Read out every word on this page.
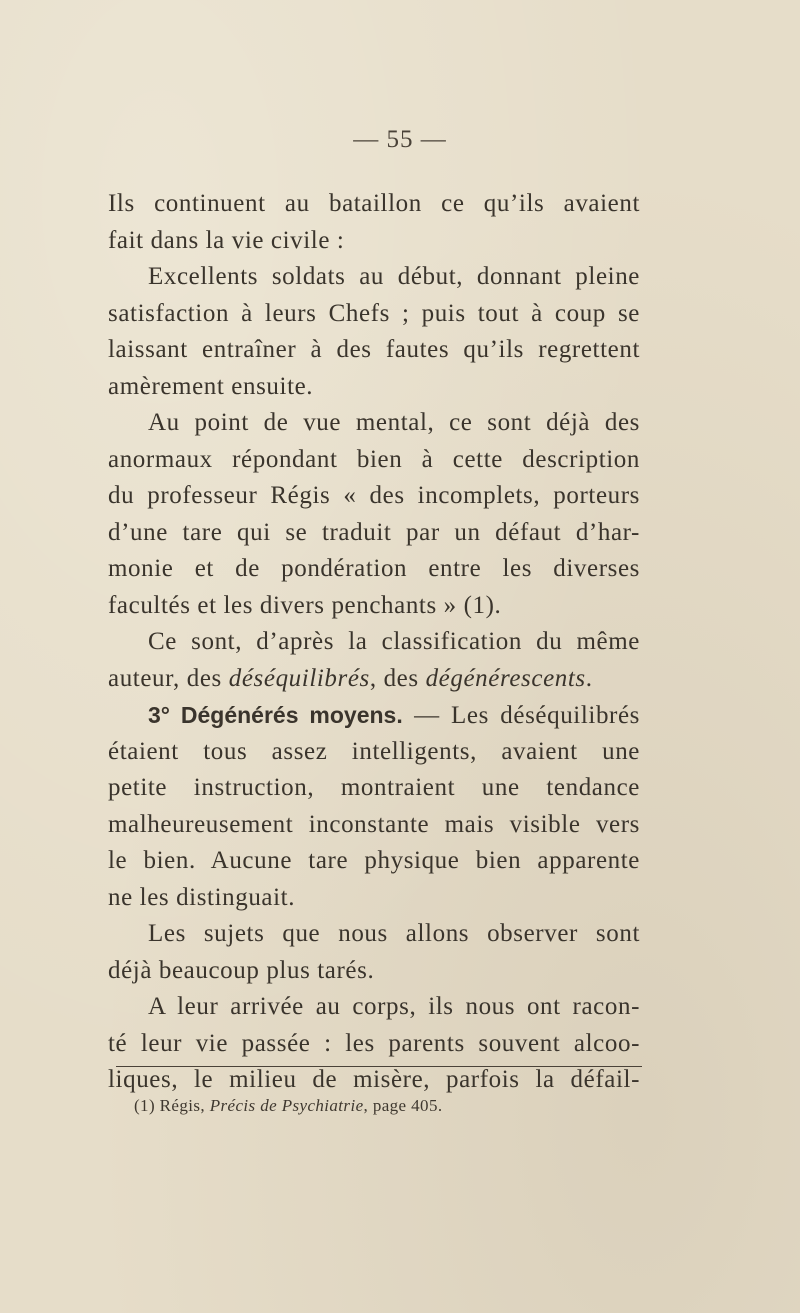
— 55 —
Ils continuent au bataillon ce qu’ils avaient
fait dans la vie civile :
Excellents soldats au début, donnant pleine
satisfaction à leurs Chefs ; puis tout à coup se
laissant entraîner à des fautes qu’ils regrettent
amèrement ensuite.
Au point de vue mental, ce sont déjà des
anormaux répondant bien à cette description
du professeur Régis « des incomplets, porteurs
d’une tare qui se traduit par un défaut d’har-
monie et de pondération entre les diverses
facultés et les divers penchants » (1).
Ce sont, d’après la classification du même
auteur, des déséquilibrés, des dégénérescents.
3° Dégénérés moyens. — Les déséquilibrés
étaient tous assez intelligents, avaient une
petite instruction, montraient une tendance
malheureusement inconstante mais visible vers
le bien. Aucune tare physique bien apparente
ne les distinguait.
Les sujets que nous allons observer sont
déjà beaucoup plus tarés.
A leur arrivée au corps, ils nous ont racon-
té leur vie passée : les parents souvent alcoo-
liques, le milieu de misère, parfois la défail-
(1) Régis, Précis de Psychiatrie, page 405.
